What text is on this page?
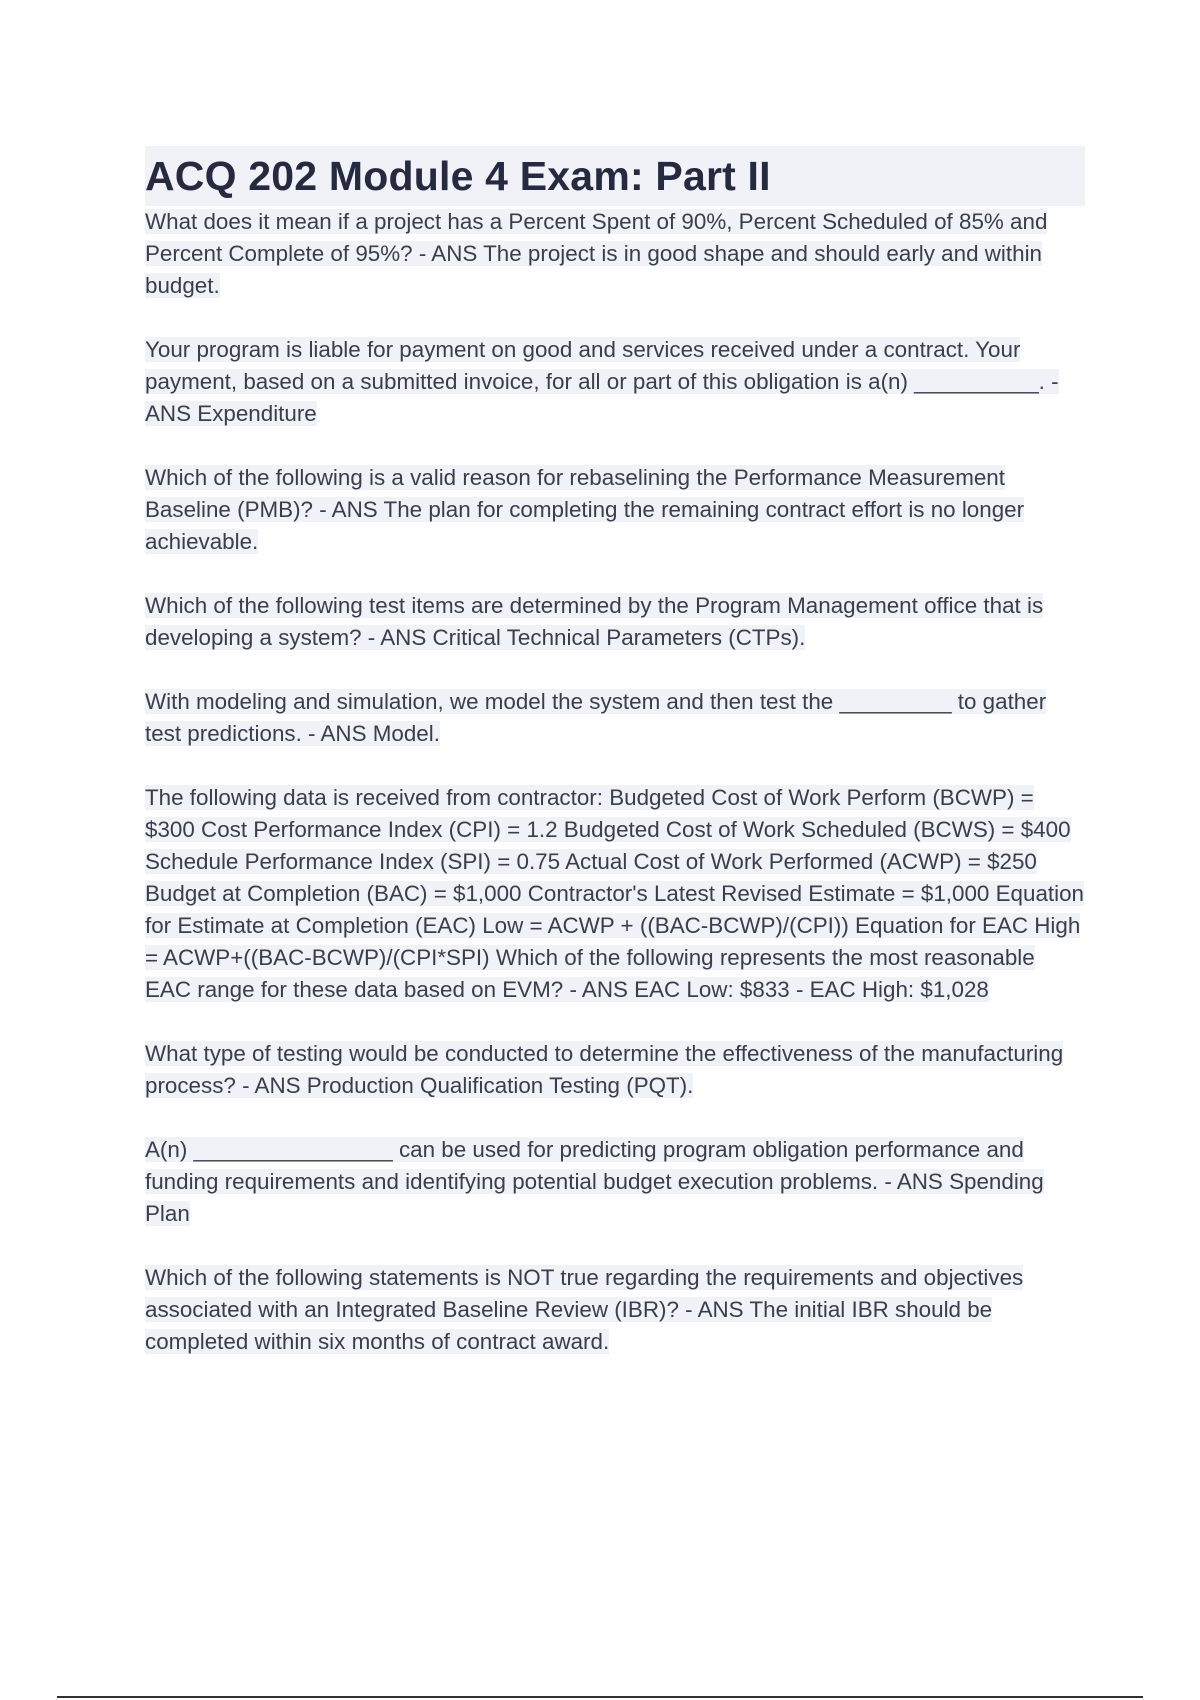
ACQ 202 Module 4 Exam: Part II

What does it mean if a project has a Percent Spent of 90%, Percent Scheduled of 85% and Percent Complete of 95%? - ANS The project is in good shape and should early and within budget.

Your program is liable for payment on good and services received under a contract. Your payment, based on a submitted invoice, for all or part of this obligation is a(n) __________. - ANS Expenditure

Which of the following is a valid reason for rebaselining the Performance Measurement Baseline (PMB)? - ANS The plan for completing the remaining contract effort is no longer achievable.

Which of the following test items are determined by the Program Management office that is developing a system? - ANS Critical Technical Parameters (CTPs).

With modeling and simulation, we model the system and then test the _________ to gather test predictions. - ANS Model.

The following data is received from contractor: Budgeted Cost of Work Perform (BCWP) = $300 Cost Performance Index (CPI) = 1.2 Budgeted Cost of Work Scheduled (BCWS) = $400 Schedule Performance Index (SPI) = 0.75 Actual Cost of Work Performed (ACWP) = $250 Budget at Completion (BAC) = $1,000 Contractor's Latest Revised Estimate = $1,000 Equation for Estimate at Completion (EAC) Low = ACWP + ((BAC-BCWP)/(CPI)) Equation for EAC High = ACWP+((BAC-BCWP)/(CPI*SPI) Which of the following represents the most reasonable EAC range for these data based on EVM? - ANS EAC Low: $833 - EAC High: $1,028

What type of testing would be conducted to determine the effectiveness of the manufacturing process? - ANS Production Qualification Testing (PQT).

A(n) ________________ can be used for predicting program obligation performance and funding requirements and identifying potential budget execution problems. - ANS Spending Plan

Which of the following statements is NOT true regarding the requirements and objectives associated with an Integrated Baseline Review (IBR)? - ANS The initial IBR should be completed within six months of contract award.
